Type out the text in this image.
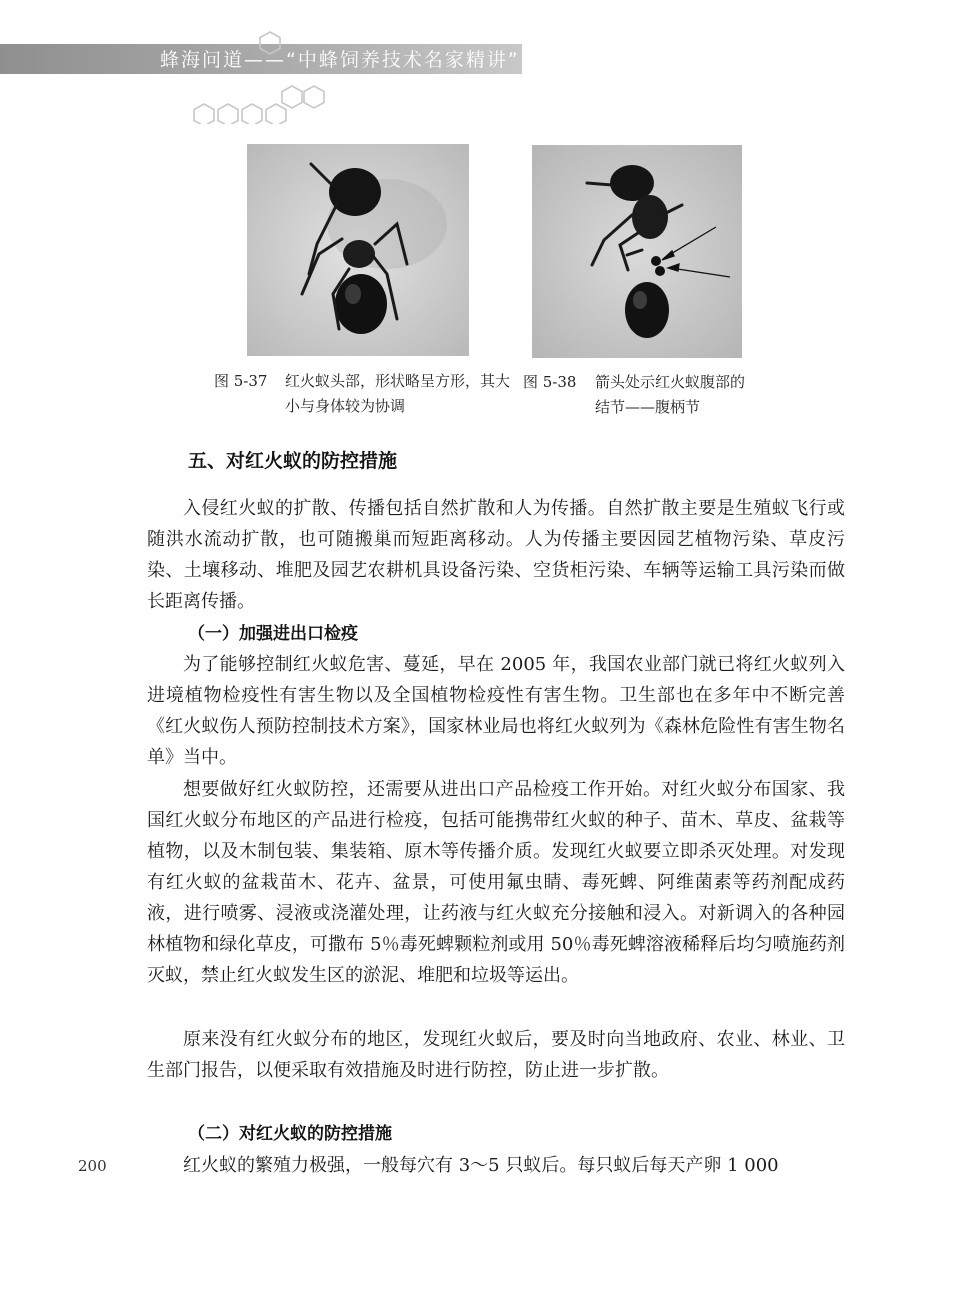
蜂海问道——“中蜂饲养技术名家精讲”
图 5-37 红火蚁头部，形状略呈方形，其大小与身体较为协调
图 5-38 箭头处示红火蚁腹部的结节——腹柄节
五、对红火蚁的防控措施
入侵红火蚁的扩散、传播包括自然扩散和人为传播。自然扩散主要是生殖蚁飞行或随洪水流动扩散，也可随搬巢而短距离移动。人为传播主要因园艺植物污染、草皮污染、土壤移动、堆肥及园艺农耕机具设备污染、空货柜污染、车辆等运输工具污染而做长距离传播。
（一）加强进出口检疫
为了能够控制红火蚁危害、蔓延，早在 2005 年，我国农业部门就已将红火蚁列入进境植物检疫性有害生物以及全国植物检疫性有害生物。卫生部也在多年中不断完善《红火蚁伤人预防控制技术方案》，国家林业局也将红火蚁列为《森林危险性有害生物名单》当中。
想要做好红火蚁防控，还需要从进出口产品检疫工作开始。对红火蚁分布国家、我国红火蚁分布地区的产品进行检疫，包括可能携带红火蚁的种子、苗木、草皮、盆栽等植物，以及木制包装、集装箱、原木等传播介质。发现红火蚁要立即杀灭处理。对发现有红火蚁的盆栽苗木、花卉、盆景，可使用氟虫睛、毒死蜱、阿维菌素等药剂配成药液，进行喷雾、浸液或浇灌处理，让药液与红火蚁充分接触和浸入。对新调入的各种园林植物和绿化草皮，可撒布 5％毒死蜱颗粒剂或用 50％毒死蜱溶液稀释后均匀喷施药剂灭蚁，禁止红火蚁发生区的淤泥、堆肥和垃圾等运出。
原来没有红火蚁分布的地区，发现红火蚁后，要及时向当地政府、农业、林业、卫生部门报告，以便采取有效措施及时进行防控，防止进一步扩散。
（二）对红火蚁的防控措施
红火蚁的繁殖力极强，一般每穴有 3～5 只蚁后。每只蚁后每天产卵 1 000
200
